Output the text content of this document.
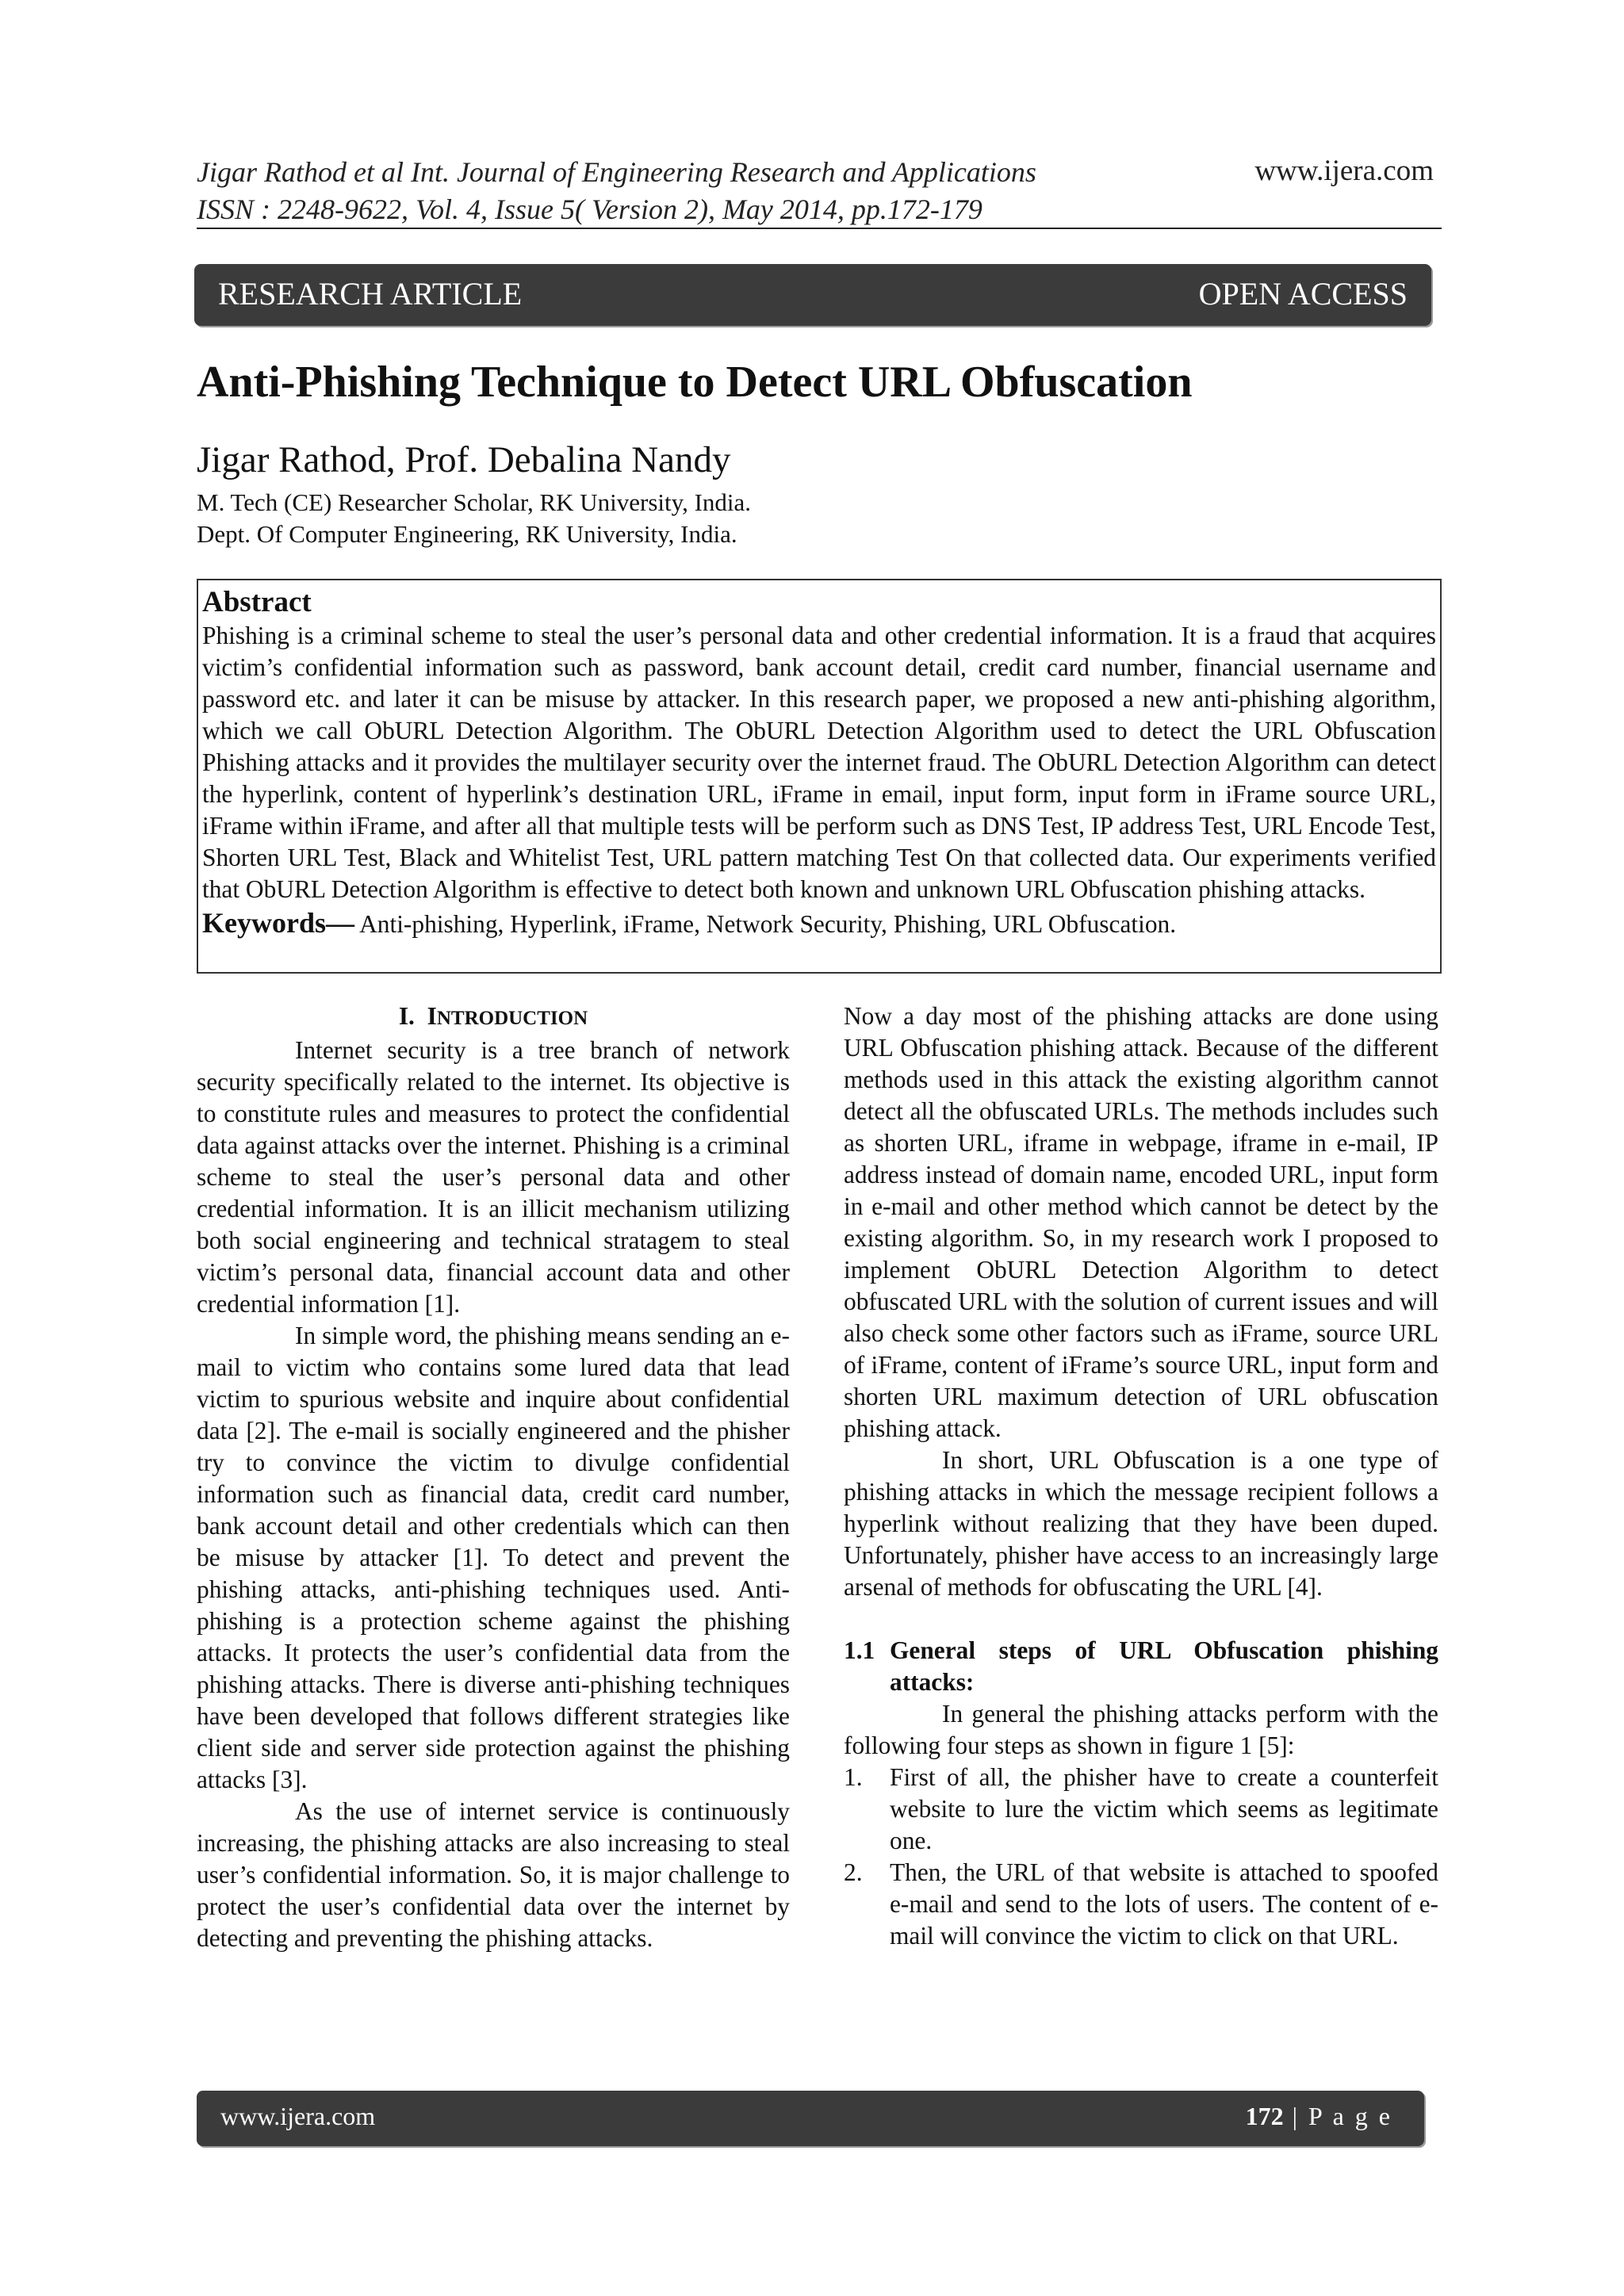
Jigar Rathod et al Int. Journal of Engineering Research and Applications
ISSN : 2248-9622, Vol. 4, Issue 5( Version 2), May 2014, pp.172-179
www.ijera.com
RESEARCH ARTICLE	OPEN ACCESS
Anti-Phishing Technique to Detect URL Obfuscation
Jigar Rathod, Prof. Debalina Nandy
M. Tech (CE) Researcher Scholar, RK University, India.
Dept. Of Computer Engineering, RK University, India.
Abstract
Phishing is a criminal scheme to steal the user’s personal data and other credential information. It is a fraud that acquires victim’s confidential information such as password, bank account detail, credit card number, financial username and password etc. and later it can be misuse by attacker. In this research paper, we proposed a new anti-phishing algorithm, which we call ObURL Detection Algorithm. The ObURL Detection Algorithm used to detect the URL Obfuscation Phishing attacks and it provides the multilayer security over the internet fraud. The ObURL Detection Algorithm can detect the hyperlink, content of hyperlink’s destination URL, iFrame in email, input form, input form in iFrame source URL, iFrame within iFrame, and after all that multiple tests will be perform such as DNS Test, IP address Test, URL Encode Test, Shorten URL Test, Black and Whitelist Test, URL pattern matching Test On that collected data. Our experiments verified that ObURL Detection Algorithm is effective to detect both known and unknown URL Obfuscation phishing attacks.
Keywords— Anti-phishing, Hyperlink, iFrame, Network Security, Phishing, URL Obfuscation.
I. INTRODUCTION

Internet security is a tree branch of network security specifically related to the internet. Its objective is to constitute rules and measures to protect the confidential data against attacks over the internet. Phishing is a criminal scheme to steal the user’s personal data and other credential information. It is an illicit mechanism utilizing both social engineering and technical stratagem to steal victim’s personal data, financial account data and other credential information [1].

In simple word, the phishing means sending an e-mail to victim who contains some lured data that lead victim to spurious website and inquire about confidential data [2]. The e-mail is socially engineered and the phisher try to convince the victim to divulge confidential information such as financial data, credit card number, bank account detail and other credentials which can then be misuse by attacker [1]. To detect and prevent the phishing attacks, anti-phishing techniques used. Anti-phishing is a protection scheme against the phishing attacks. It protects the user’s confidential data from the phishing attacks. There is diverse anti-phishing techniques have been developed that follows different strategies like client side and server side protection against the phishing attacks [3].

As the use of internet service is continuously increasing, the phishing attacks are also increasing to steal user’s confidential information. So, it is major challenge to protect the user’s confidential data over the internet by detecting and preventing the phishing attacks.

Now a day most of the phishing attacks are done using URL Obfuscation phishing attack. Because of the different methods used in this attack the existing algorithm cannot detect all the obfuscated URLs. The methods includes such as shorten URL, iframe in webpage, iframe in e-mail, IP address instead of domain name, encoded URL, input form in e-mail and other method which cannot be detect by the existing algorithm. So, in my research work I proposed to implement ObURL Detection Algorithm to detect obfuscated URL with the solution of current issues and will also check some other factors such as iFrame, source URL of iFrame, content of iFrame’s source URL, input form and shorten URL maximum detection of URL obfuscation phishing attack.

In short, URL Obfuscation is a one type of phishing attacks in which the message recipient follows a hyperlink without realizing that they have been duped. Unfortunately, phisher have access to an increasingly large arsenal of methods for obfuscating the URL [4].

1.1 General steps of URL Obfuscation phishing attacks:

In general the phishing attacks perform with the following four steps as shown in figure 1 [5]:

1.	First of all, the phisher have to create a counterfeit website to lure the victim which seems as legitimate one.
2.	Then, the URL of that website is attached to spoofed e-mail and send to the lots of users. The content of e-mail will convince the victim to click on that URL.
www.ijera.com	172 | P a g e
